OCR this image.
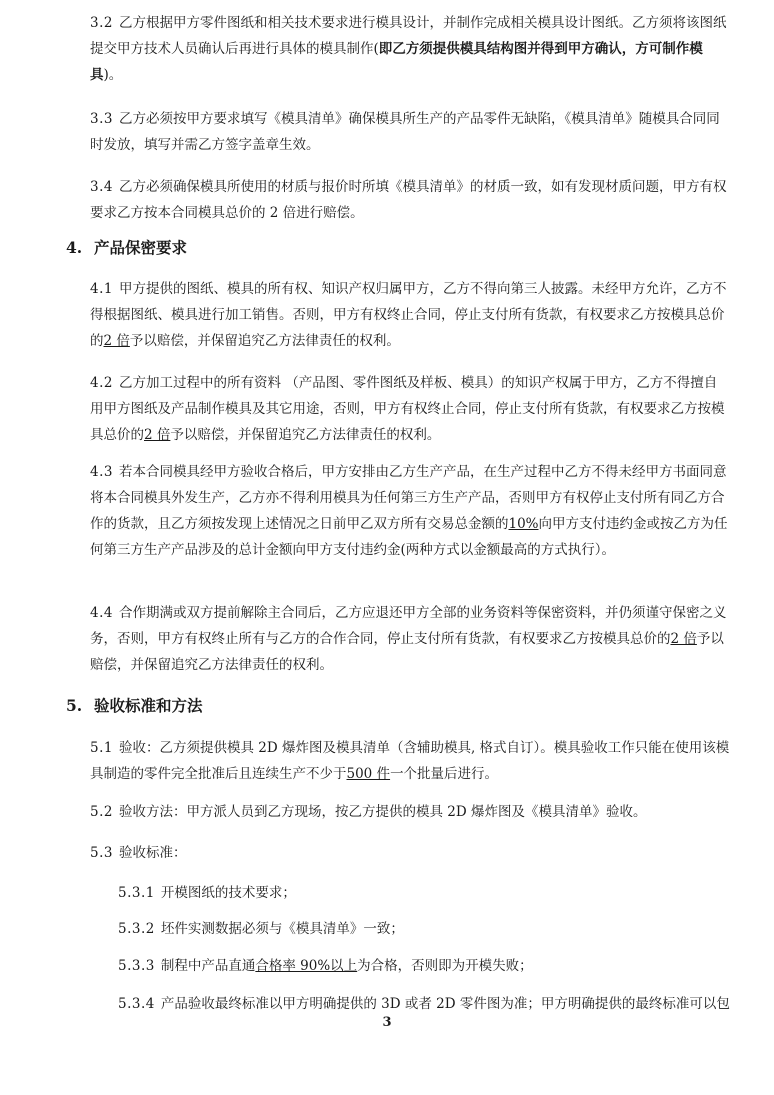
3.2 乙方根据甲方零件图纸和相关技术要求进行模具设计，并制作完成相关模具设计图纸。乙方须将该图纸提交甲方技术人员确认后再进行具体的模具制作(即乙方须提供模具结构图并得到甲方确认，方可制作模具)。

3.3 乙方必须按甲方要求填写《模具清单》确保模具所生产的产品零件无缺陷，《模具清单》随模具合同同时发放，填写并需乙方签字盖章生效。

3.4 乙方必须确保模具所使用的材质与报价时所填《模具清单》的材质一致，如有发现材质问题，甲方有权要求乙方按本合同模具总价的 2 倍进行赔偿。

4. 产品保密要求

4.1 甲方提供的图纸、模具的所有权、知识产权归属甲方，乙方不得向第三人披露。未经甲方允许，乙方不得根据图纸、模具进行加工销售。否则，甲方有权终止合同，停止支付所有货款，有权要求乙方按模具总价的2 倍予以赔偿，并保留追究乙方法律责任的权利。

4.2 乙方加工过程中的所有资料 （产品图、零件图纸及样板、模具）的知识产权属于甲方，乙方不得擅自用甲方图纸及产品制作模具及其它用途，否则，甲方有权终止合同，停止支付所有货款，有权要求乙方按模具总价的2 倍予以赔偿，并保留追究乙方法律责任的权利。

4.3 若本合同模具经甲方验收合格后，甲方安排由乙方生产产品，在生产过程中乙方不得未经甲方书面同意将本合同模具外发生产，乙方亦不得利用模具为任何第三方生产产品，否则甲方有权停止支付所有同乙方合作的货款，且乙方须按发现上述情况之日前甲乙双方所有交易总金额的10%向甲方支付违约金或按乙方为任何第三方生产产品涉及的总计金额向甲方支付违约金(两种方式以金额最高的方式执行）。

4.4 合作期满或双方提前解除主合同后，乙方应退还甲方全部的业务资料等保密资料，并仍须谨守保密之义务，否则，甲方有权终止所有与乙方的合作合同，停止支付所有货款，有权要求乙方按模具总价的2 倍予以赔偿，并保留追究乙方法律责任的权利。

5. 验收标准和方法

5.1 验收：乙方须提供模具 2D 爆炸图及模具清单（含辅助模具, 格式自订）。模具验收工作只能在使用该模具制造的零件完全批准后且连续生产不少于500 件一个批量后进行。

5.2 验收方法：甲方派人员到乙方现场，按乙方提供的模具 2D 爆炸图及《模具清单》验收。

5.3 验收标准：

5.3.1 开模图纸的技术要求；

5.3.2 坯件实测数据必须与《模具清单》一致；

5.3.3 制程中产品直通合格率 90%以上为合格，否则即为开模失败；

5.3.4 产品验收最终标准以甲方明确提供的 3D 或者 2D 零件图为准；甲方明确提供的最终标准可以包

3
